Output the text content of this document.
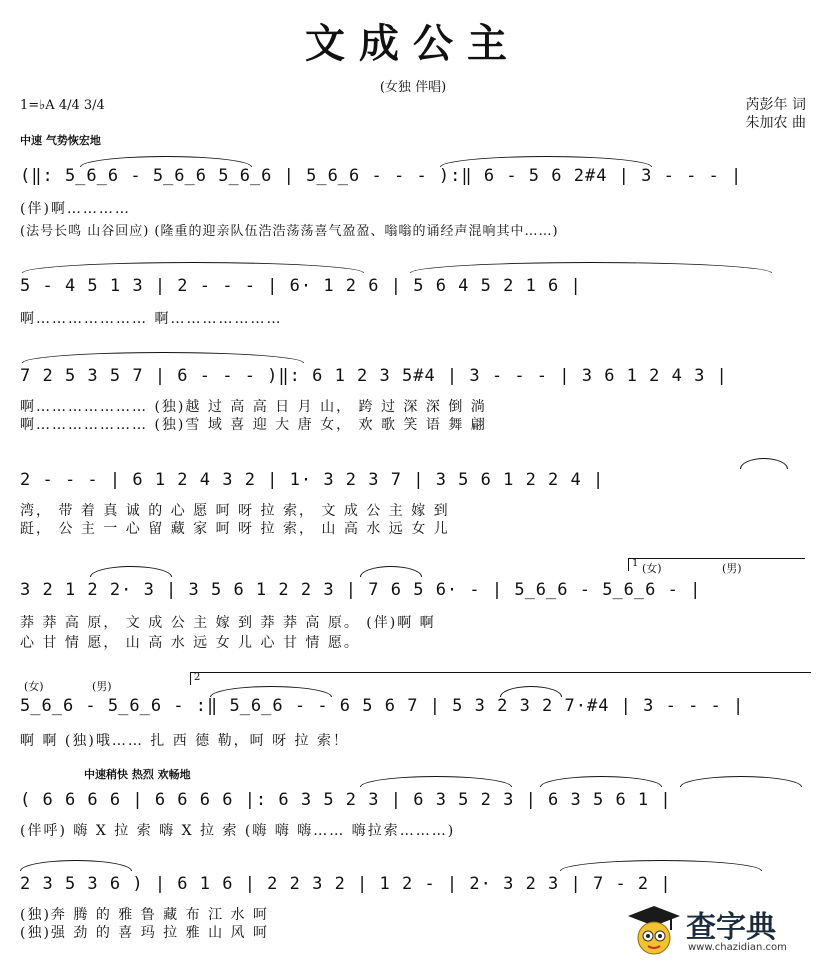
文成公主
(女独 伴唱)
芮彭年 词
朱加农 曲
1=♭A 4/4 3/4
中速 气势恢宏地
(‖: 5̲6̲6 - 5̲6̲6 5̲6̲6 | 5̲6̲6 - - - ):‖ 6 - 5 6 2#4 | 3 - - - |
(伴)啊…………
(法号长鸣 山谷回应) (隆重的迎亲队伍浩浩荡荡喜气盈盈、嗡嗡的诵经声混响其中……)
5 - 4 5 1 3 | 2 - - - | 6· 1 2 6 | 5 6 4 5 2 1 6 |
啊………………… 啊…………………
7 2 5 3 5 7 | 6 - - - )‖: 6 1 2 3 5#4 | 3 - - - | 3 6 1 2 4 3 |
啊………………… (独)越 过 高 高 日 月 山， 跨 过 深 深 倒 淌
啊………………… (独)雪 域 喜 迎 大 唐 女， 欢 歌 笑 语 舞 翩
2 - - - | 6 1 2 4 3 2 | 1· 3 2 3 7 | 3 5 6 1 2 2 4 |
湾， 带 着 真 诚 的 心 愿 呵 呀 拉 索， 文 成 公 主 嫁 到
跹， 公 主 一 心 留 藏 家 呵 呀 拉 索， 山 高 水 远 女 儿
1 (女)	(男)
3 2 1 2 2· 3 | 3 5 6 1 2 2 3 | 7 6 5 6· - | 5̲6̲6 - 5̲6̲6 - |
莽 莽 高 原， 文 成 公 主 嫁 到 莽 莽 高 原。 (伴)啊 啊
心 甘 情 愿， 山 高 水 远 女 儿 心 甘 情 愿。
(女)	(男)
2
5̲6̲6 - 5̲6̲6 - :‖ 5̲6̲6 - - 6 5 6 7 | 5 3 2 3 2 7·#4 | 3 - - - |
啊 啊 (独)哦…… 扎 西 德 勒，呵 呀 拉 索！
中速稍快 热烈 欢畅地
( 6 6 6 6 | 6 6 6 6 |: 6 3 5 2 3 | 6 3 5 2 3 | 6 3 5 6 1 |
(伴呼) 嗨 X 拉 索 嗨 X 拉 索 (嗨 嗨 嗨…… 嗨拉索………)
2 3 5 3 6 ) | 6 1 6 | 2 2 3 2 | 1 2 - | 2· 3 2 3 | 7 - 2 |
(独)奔 腾 的 雅 鲁 藏 布 江 水 呵
(独)强 劲 的 喜 玛 拉 雅 山 风 呵	查字典
www.chazidian.com
